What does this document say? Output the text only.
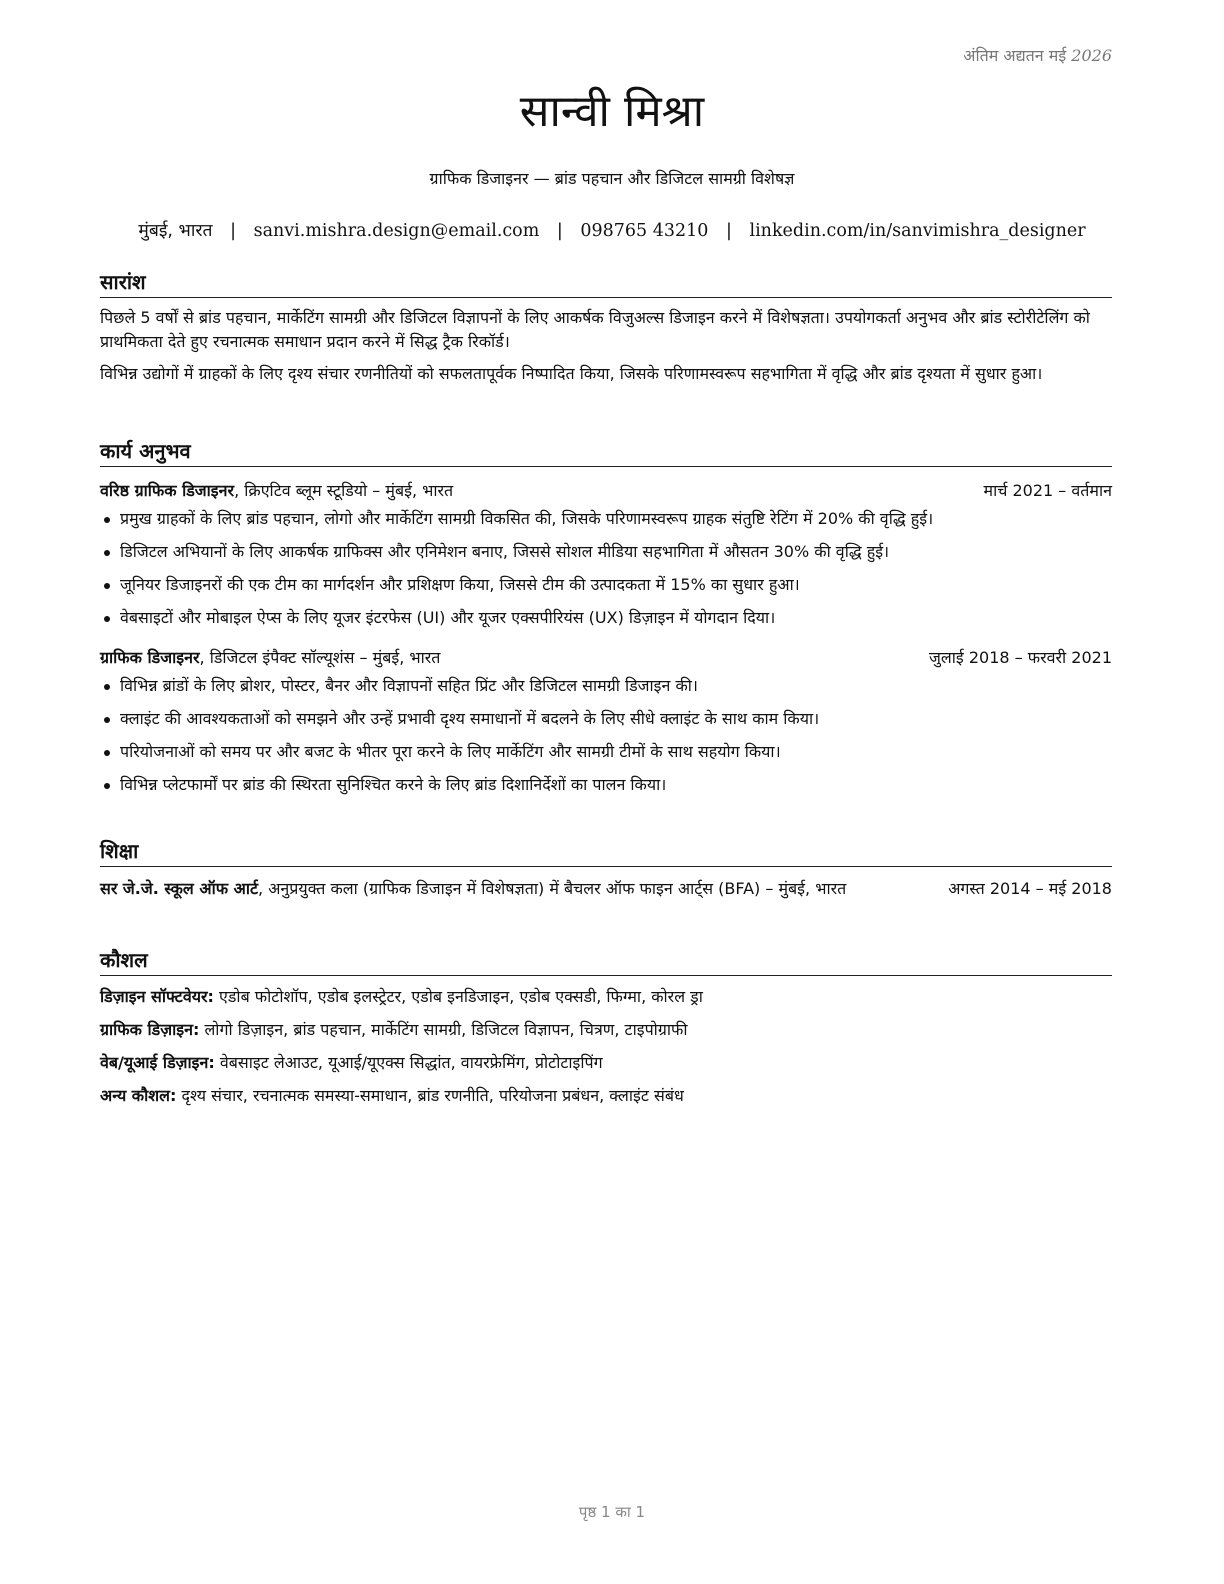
अंतिम अद्यतन मई 2026
सान्वी मिश्रा
ग्राफिक डिजाइनर — ब्रांड पहचान और डिजिटल सामग्री विशेषज्ञ
मुंबई, भारत | sanvi.mishra.design@email.com | 098765 43210 | linkedin.com/in/sanvimishra_designer
सारांश

पिछले 5 वर्षों से ब्रांड पहचान, मार्केटिंग सामग्री और डिजिटल विज्ञापनों के लिए आकर्षक विजुअल्स डिजाइन करने में विशेषज्ञता। उपयोगकर्ता अनुभव और ब्रांड स्टोरीटेलिंग को प्राथमिकता देते हुए रचनात्मक समाधान प्रदान करने में सिद्ध ट्रैक रिकॉर्ड।

विभिन्न उद्योगों में ग्राहकों के लिए दृश्य संचार रणनीतियों को सफलतापूर्वक निष्पादित किया, जिसके परिणामस्वरूप सहभागिता में वृद्धि और ब्रांड दृश्यता में सुधार हुआ।

कार्य अनुभव
वरिष्ठ ग्राफिक डिजाइनर, क्रिएटिव ब्लूम स्टूडियो – मुंबई, भारत	मार्च 2021 – वर्तमान
प्रमुख ग्राहकों के लिए ब्रांड पहचान, लोगो और मार्केटिंग सामग्री विकसित की, जिसके परिणामस्वरूप ग्राहक संतुष्टि रेटिंग में 20% की वृद्धि हुई।
डिजिटल अभियानों के लिए आकर्षक ग्राफिक्स और एनिमेशन बनाए, जिससे सोशल मीडिया सहभागिता में औसतन 30% की वृद्धि हुई।
जूनियर डिजाइनरों की एक टीम का मार्गदर्शन और प्रशिक्षण किया, जिससे टीम की उत्पादकता में 15% का सुधार हुआ।
वेबसाइटों और मोबाइल ऐप्स के लिए यूजर इंटरफेस (UI) और यूजर एक्सपीरियंस (UX) डिज़ाइन में योगदान दिया।
ग्राफिक डिजाइनर, डिजिटल इंपैक्ट सॉल्यूशंस – मुंबई, भारत	जुलाई 2018 – फरवरी 2021
विभिन्न ब्रांडों के लिए ब्रोशर, पोस्टर, बैनर और विज्ञापनों सहित प्रिंट और डिजिटल सामग्री डिजाइन की।
क्लाइंट की आवश्यकताओं को समझने और उन्हें प्रभावी दृश्य समाधानों में बदलने के लिए सीधे क्लाइंट के साथ काम किया।
परियोजनाओं को समय पर और बजट के भीतर पूरा करने के लिए मार्केटिंग और सामग्री टीमों के साथ सहयोग किया।
विभिन्न प्लेटफार्मों पर ब्रांड की स्थिरता सुनिश्चित करने के लिए ब्रांड दिशानिर्देशों का पालन किया।
शिक्षा
सर जे.जे. स्कूल ऑफ आर्ट, अनुप्रयुक्त कला (ग्राफिक डिजाइन में विशेषज्ञता) में बैचलर ऑफ फाइन आर्ट्स (BFA) – मुंबई, भारत	अगस्त 2014 – मई 2018
कौशल
डिज़ाइन सॉफ्टवेयर: एडोब फोटोशॉप, एडोब इलस्ट्रेटर, एडोब इनडिजाइन, एडोब एक्सडी, फिग्मा, कोरल ड्रा
ग्राफिक डिज़ाइन: लोगो डिज़ाइन, ब्रांड पहचान, मार्केटिंग सामग्री, डिजिटल विज्ञापन, चित्रण, टाइपोग्राफी
वेब/यूआई डिज़ाइन: वेबसाइट लेआउट, यूआई/यूएक्स सिद्धांत, वायरफ्रेमिंग, प्रोटोटाइपिंग
अन्य कौशल: दृश्य संचार, रचनात्मक समस्या-समाधान, ब्रांड रणनीति, परियोजना प्रबंधन, क्लाइंट संबंध
पृष्ठ 1 का 1
